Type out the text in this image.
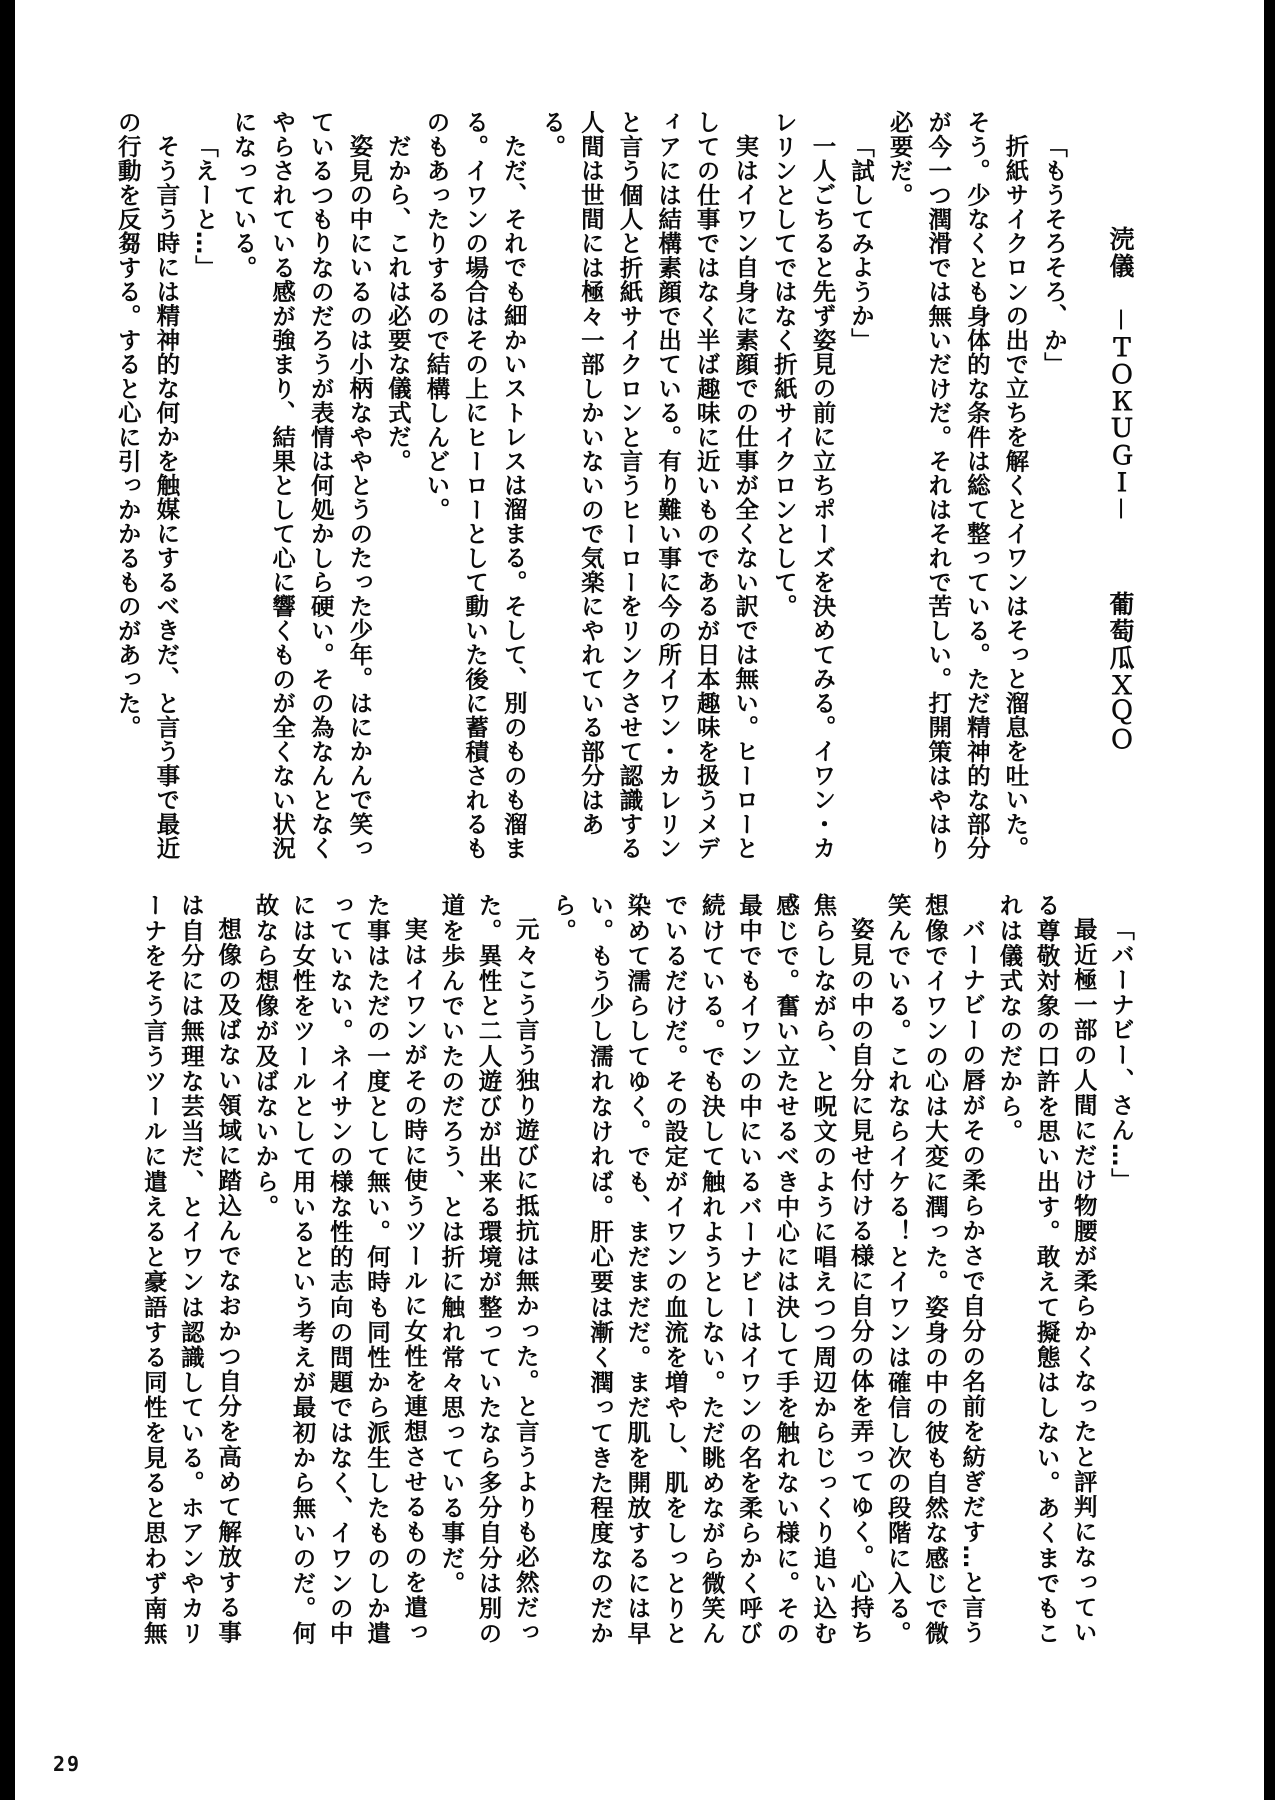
涜儀　－ＴＯＫＵＧＩ－葡萄瓜ＸＱＯ

「もうそろそろ、か」

折紙サイクロンの出で立ちを解くとイワンはそっと溜息を吐いた。

そう。少なくとも身体的な条件は総て整っている。ただ精神的な部分が今一つ潤滑では無いだけだ。それはそれで苦しい。打開策はやはり必要だ。

「試してみようか」

一人ごちると先ず姿見の前に立ちポーズを決めてみる。イワン・カレリンとしてではなく折紙サイクロンとして。

実はイワン自身に素顔での仕事が全くない訳では無い。ヒーローとしての仕事ではなく半ば趣味に近いものであるが日本趣味を扱うメディアには結構素顔で出ている。有り難い事に今の所イワン・カレリンと言う個人と折紙サイクロンと言うヒーローをリンクさせて認識する人間は世間には極々一部しかいないので気楽にやれている部分はある。

ただ、それでも細かいストレスは溜まる。そして、別のものも溜まる。イワンの場合はその上にヒーローとして動いた後に蓄積されるものもあったりするので結構しんどい。

だから、これは必要な儀式だ。

姿見の中にいるのは小柄なややとうのたった少年。はにかんで笑っているつもりなのだろうが表情は何処かしら硬い。その為なんとなくやらされている感が強まり、結果として心に響くものが全くない状況になっている。

「えーと…」

そう言う時には精神的な何かを触媒にするべきだ、と言う事で最近の行動を反芻する。すると心に引っかかるものがあった。

「バーナビー、さん…」

最近極一部の人間にだけ物腰が柔らかくなったと評判になっている尊敬対象の口許を思い出す。敢えて擬態はしない。あくまでもこれは儀式なのだから。

バーナビーの唇がその柔らかさで自分の名前を紡ぎだす…と言う想像でイワンの心は大変に潤った。姿身の中の彼も自然な感じで微笑んでいる。これならイケる！とイワンは確信し次の段階に入る。

姿見の中の自分に見せ付ける様に自分の体を弄ってゆく。心持ち焦らしながら、と呪文のように唱えつつ周辺からじっくり追い込む感じで。奮い立たせるべき中心には決して手を触れない様に。その最中でもイワンの中にいるバーナビーはイワンの名を柔らかく呼び続けている。でも決して触れようとしない。ただ眺めながら微笑んでいるだけだ。その設定がイワンの血流を増やし、肌をしっとりと染めて濡らしてゆく。でも、まだまだだ。まだ肌を開放するには早い。もう少し濡れなければ。肝心要は漸く潤ってきた程度なのだから。

元々こう言う独り遊びに抵抗は無かった。と言うよりも必然だった。異性と二人遊びが出来る環境が整っていたなら多分自分は別の道を歩んでいたのだろう、とは折に触れ常々思っている事だ。

実はイワンがその時に使うツールに女性を連想させるものを遣った事はただの一度として無い。何時も同性から派生したものしか遣っていない。ネイサンの様な性的志向の問題ではなく、イワンの中には女性をツールとして用いるという考えが最初から無いのだ。何故なら想像が及ばないから。

想像の及ばない領域に踏込んでなおかつ自分を高めて解放する事は自分には無理な芸当だ、とイワンは認識している。ホアンやカリーナをそう言うツールに遣えると豪語する同性を見ると思わず南無

29
